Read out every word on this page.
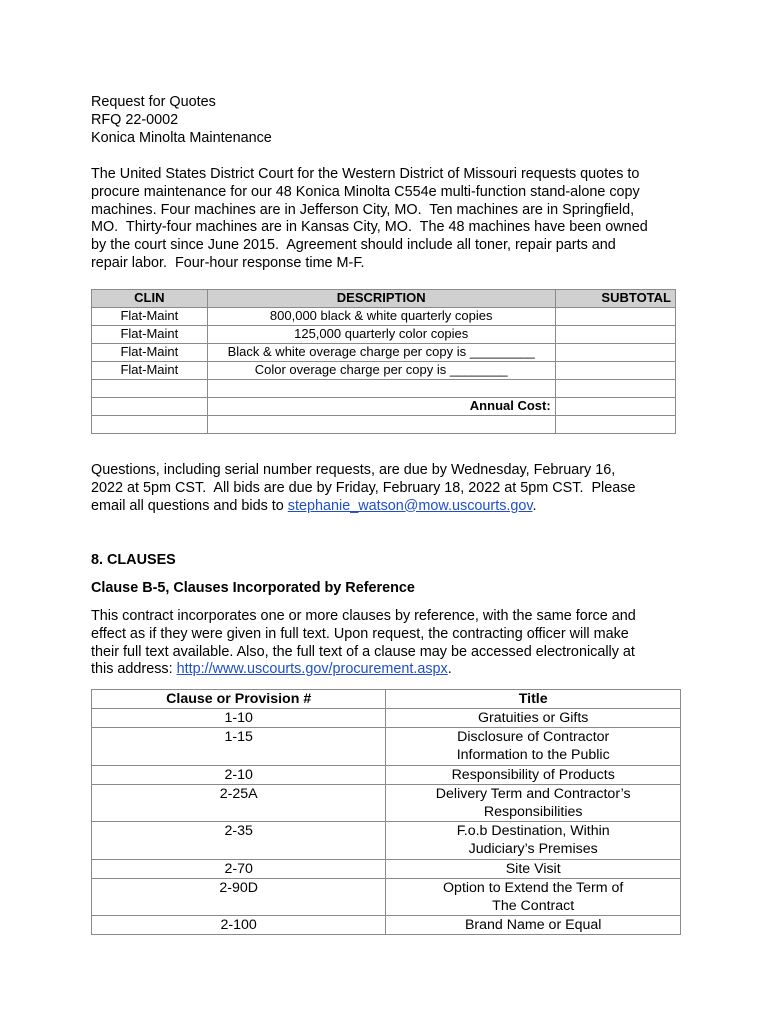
Request for Quotes
RFQ 22-0002
Konica Minolta Maintenance
The United States District Court for the Western District of Missouri requests quotes to
procure maintenance for our 48 Konica Minolta C554e multi-function stand-alone copy
machines. Four machines are in Jefferson City, MO.  Ten machines are in Springfield,
MO.  Thirty-four machines are in Kansas City, MO.  The 48 machines have been owned
by the court since June 2015.  Agreement should include all toner, repair parts and
repair labor.  Four-hour response time M-F.
CLIN	DESCRIPTION	SUBTOTAL
Flat-Maint	800,000 black & white quarterly copies	
Flat-Maint	125,000 quarterly color copies	
Flat-Maint	Black & white overage charge per copy is _________	
Flat-Maint	Color overage charge per copy is ________	

	Annual Cost:	

Questions, including serial number requests, are due by Wednesday, February 16,
2022 at 5pm CST.  All bids are due by Friday, February 18, 2022 at 5pm CST.  Please
email all questions and bids to stephanie_watson@mow.uscourts.gov.
8. CLAUSES
Clause B-5, Clauses Incorporated by Reference
This contract incorporates one or more clauses by reference, with the same force and
effect as if they were given in full text. Upon request, the contracting officer will make
their full text available. Also, the full text of a clause may be accessed electronically at
this address: http://www.uscourts.gov/procurement.aspx.
Clause or Provision #	Title
1-10	Gratuities or Gifts

1-15	Disclosure of Contractor
Information to the Public

2-10	Responsibility of Products

2-25A	Delivery Term and Contractor’s
Responsibilities

2-35	F.o.b Destination, Within
Judiciary’s Premises

2-70	Site Visit

2-90D	Option to Extend the Term of
The Contract

2-100	Brand Name or Equal
